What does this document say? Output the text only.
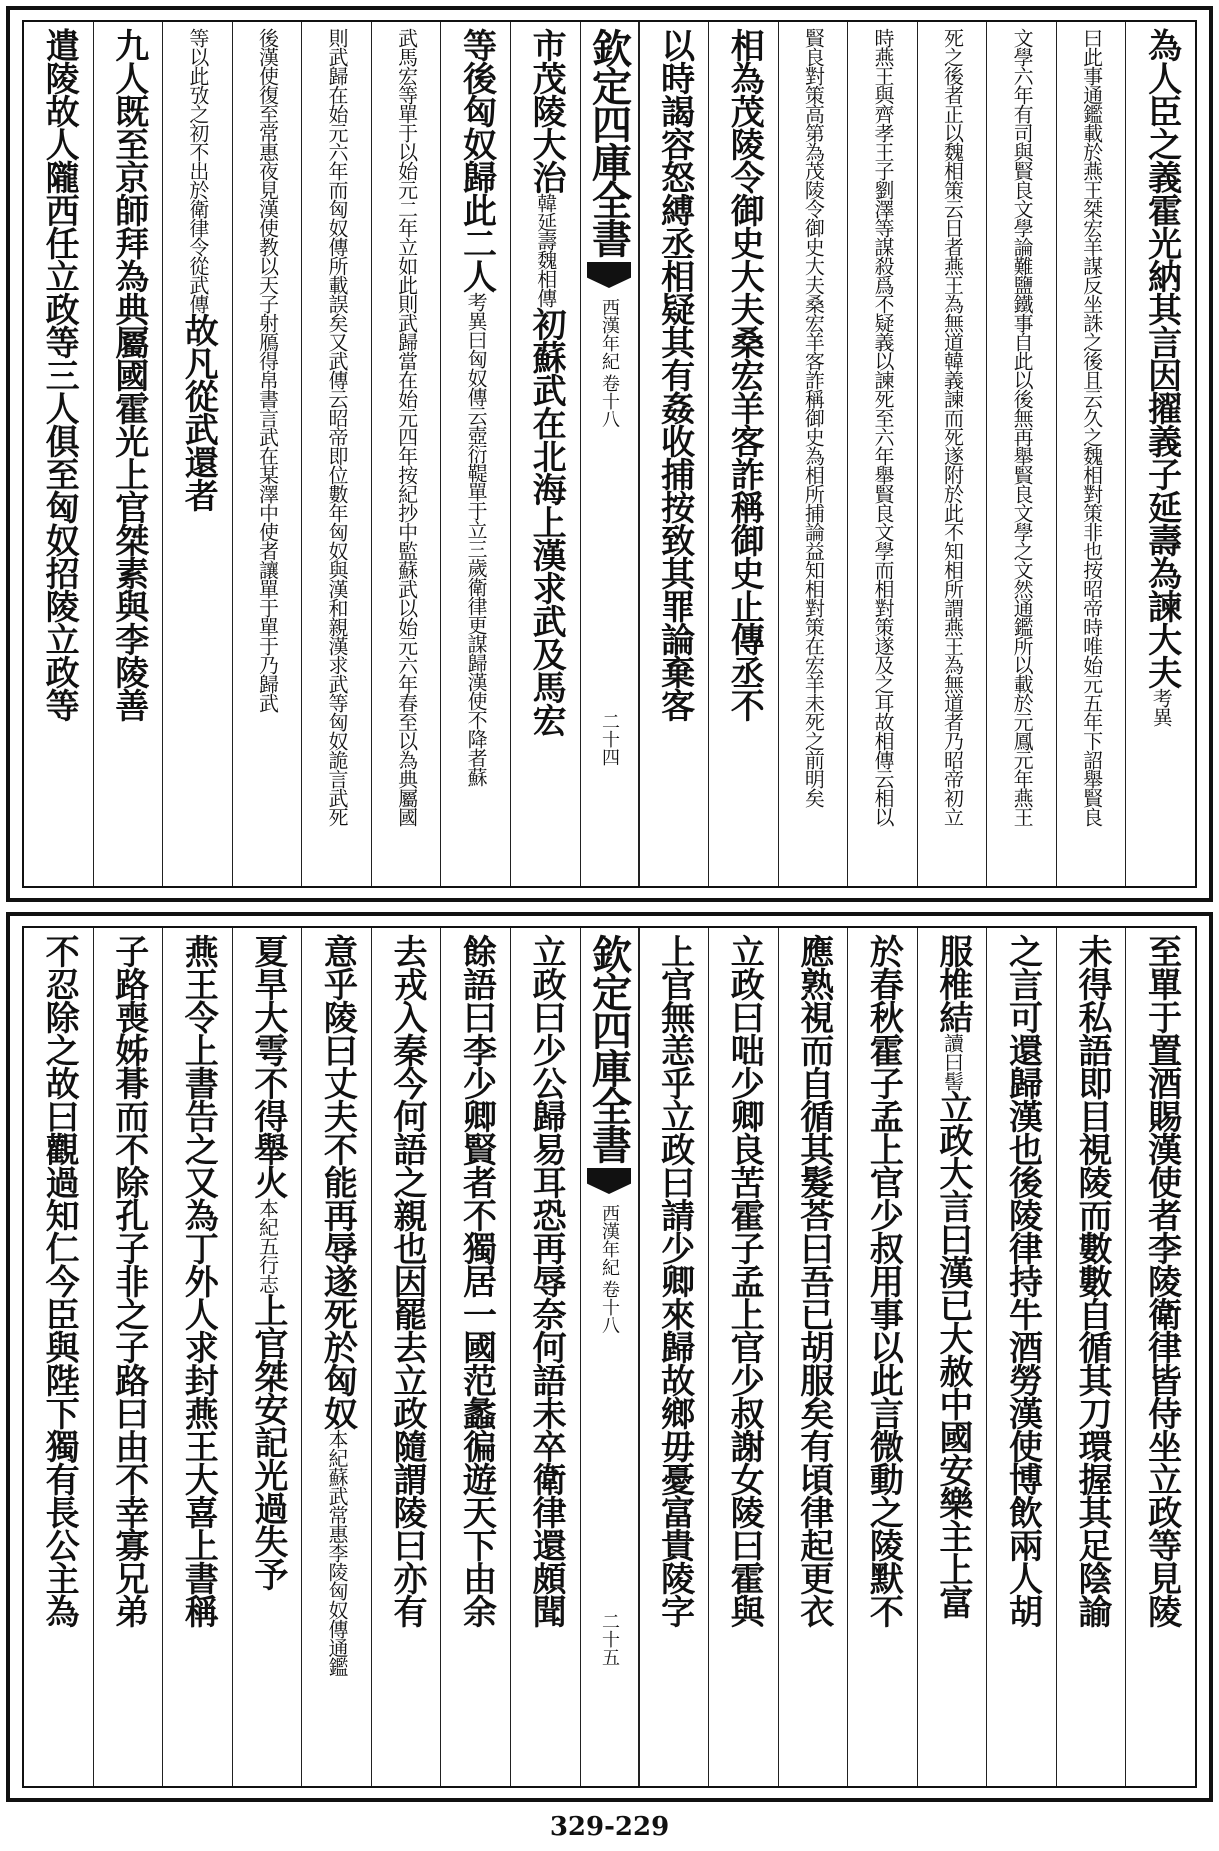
為人臣之義霍光納其言因擢義子延壽為諫大夫
考異
曰此事通鑑載於燕王桀宏羊謀反坐誅之後且云久之魏相對策非也按昭帝時唯始元五年下詔舉賢良
文學六年有司與賢良文學論難鹽鐵事自此以後無再舉賢良文學之文然通鑑所以載於元鳳元年燕王
死之後者正以魏相策云日者燕王為無道韓義諫而死遂附於此不知相所謂燕王為無道者乃昭帝初立
時燕王與齊孝王子劉澤等謀殺爲不疑義以諫死至六年舉賢良文學而相對策遂及之耳故相傳云相以
賢良對策高第為茂陵令御史大夫桑宏羊客詐稱御史為相所捕論益知相對策在宏羊未死之前明矣
相為茂陵令御史大夫桑宏羊客詐稱御史止傳丞不
以時謁容怒縛丞相疑其有姦收捕按致其罪論棄客
欽定四庫全書
西漢年紀
卷十八
二十四
市茂陵大治
韓延壽魏相傳
初蘇武在北海上漢求武及馬宏
等後匈奴歸此二人
考異曰匈奴傳云壺衍鞮單于立三歲衛律更謀歸漢使不降者蘇
武馬宏等單于以始元二年立如此則武歸當在始元四年按紀抄中監蘇武以始元六年春至以為典屬國
則武歸在始元六年而匈奴傳所載誤矣又武傳云昭帝即位數年匈奴與漢和親漢求武等匈奴詭言武死
後漢使復至常惠夜見漢使教以天子射鴈得帛書言武在某澤中使者讓單于單于乃歸武
等以此攷之初不出於衛律令從武傳
故凡從武還者
九人既至京師拜為典屬國霍光上官桀素與李陵善
遣陵故人隴西任立政等三人俱至匈奴招陵立政等
至單于置酒賜漢使者李陵衛律皆侍坐立政等見陵
未得私語即目視陵而數數自循其刀環握其足陰諭
之言可還歸漢也後陵律持牛酒勞漢使博飲兩人胡
服椎結
讀曰髻
立政大言曰漢已大赦中國安樂主上富
於春秋霍子孟上官少叔用事以此言微動之陵默不
應熟視而自循其髮荅曰吾已胡服矣有頃律起更衣
立政曰咄少卿良苦霍子孟上官少叔謝女陵曰霍與
上官無恙乎立政曰請少卿來歸故鄉毋憂富貴陵字
欽定四庫全書
西漢年紀
卷十八
二十五
立政曰少公歸易耳恐再辱奈何語未卒衛律還頗聞
餘語曰李少卿賢者不獨居一國范蠡徧遊天下由余
去戎入秦今何語之親也因罷去立政隨謂陵曰亦有
意乎陵曰丈夫不能再辱遂死於匈奴
本紀蘇武常惠李陵匈奴傳通鑑
夏旱大雩不得舉火
本紀五行志
上官桀安記光過失予
燕王令上書告之又為丁外人求封燕王大喜上書稱
子路喪姊朞而不除孔子非之子路曰由不幸寡兄弟
不忍除之故曰觀過知仁今臣與陛下獨有長公主為
329-229
